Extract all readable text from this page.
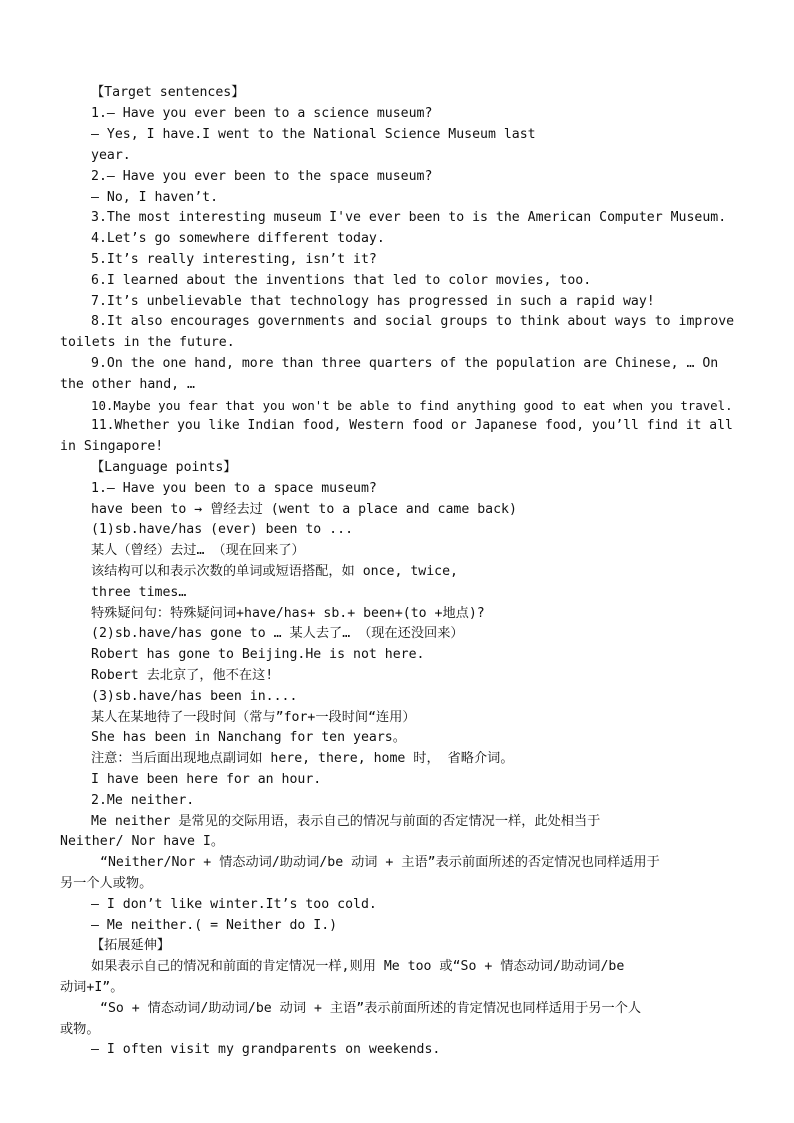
【Target sentences】
1.— Have you ever been to a science museum?
— Yes, I have.I went to the National Science Museum last
year.
2.— Have you ever been to the space museum?
— No, I haven’t.
3.The most interesting museum I've ever been to is the American Computer Museum.
4.Let’s go somewhere different today.
5.It’s really interesting, isn’t it?
6.I learned about the inventions that led to color movies, too.
7.It’s unbelievable that technology has progressed in such a rapid way!
8.It also encourages governments and social groups to think about ways to improve
toilets in the future.
9.On the one hand, more than three quarters of the population are Chinese, … On
the other hand, …
10.Maybe you fear that you won't be able to find anything good to eat when you travel.
11.Whether you like Indian food, Western food or Japanese food, you’ll find it all
in Singapore!
【Language points】
1.— Have you been to a space museum?
have been to → 曾经去过 (went to a place and came back)
(1)sb.have/has (ever) been to ...
某人（曾经）去过… （现在回来了）
该结构可以和表示次数的单词或短语搭配，如 once, twice,
three times…
特殊疑问句：特殊疑问词+have/has+ sb.+ been+(to +地点)?
(2)sb.have/has gone to … 某人去了… （现在还没回来）
Robert has gone to Beijing.He is not here.
Robert 去北京了，他不在这!
(3)sb.have/has been in....
某人在某地待了一段时间（常与”for+一段时间“连用）
She has been in Nanchang for ten years。
注意：当后面出现地点副词如 here, there, home 时， 省略介词。
I have been here for an hour.
2.Me neither.
Me neither 是常见的交际用语，表示自己的情况与前面的否定情况一样，此处相当于
Neither/ Nor have I。
“Neither/Nor + 情态动词/助动词/be 动词 + 主语”表示前面所述的否定情况也同样适用于
另一个人或物。
— I don’t like winter.It’s too cold.
— Me neither.( = Neither do I.)
【拓展延伸】
如果表示自己的情况和前面的肯定情况一样,则用 Me too 或“So + 情态动词/助动词/be
动词+I”。
“So + 情态动词/助动词/be 动词 + 主语”表示前面所述的肯定情况也同样适用于另一个人
或物。
— I often visit my grandparents on weekends.
